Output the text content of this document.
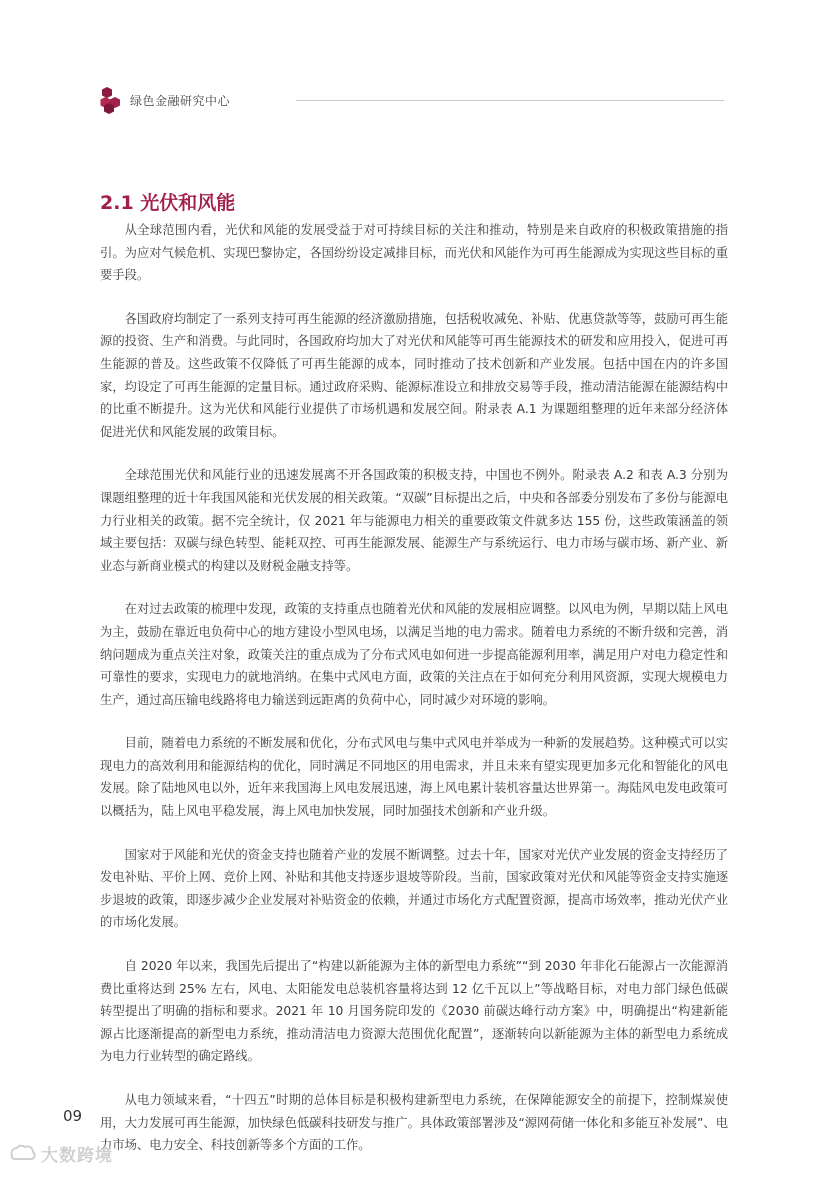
绿色金融研究中心
2.1 光伏和风能

从全球范围内看，光伏和风能的发展受益于对可持续目标的关注和推动，特别是来自政府的积极政策措施的指引。为应对气候危机、实现巴黎协定，各国纷纷设定减排目标，而光伏和风能作为可再生能源成为实现这些目标的重要手段。

各国政府均制定了一系列支持可再生能源的经济激励措施，包括税收减免、补贴、优惠贷款等等，鼓励可再生能源的投资、生产和消费。与此同时，各国政府均加大了对光伏和风能等可再生能源技术的研发和应用投入，促进可再生能源的普及。这些政策不仅降低了可再生能源的成本，同时推动了技术创新和产业发展。包括中国在内的许多国家，均设定了可再生能源的定量目标。通过政府采购、能源标准设立和排放交易等手段，推动清洁能源在能源结构中的比重不断提升。这为光伏和风能行业提供了市场机遇和发展空间。附录表 A.1 为课题组整理的近年来部分经济体促进光伏和风能发展的政策目标。

全球范围光伏和风能行业的迅速发展离不开各国政策的积极支持，中国也不例外。附录表 A.2 和表 A.3 分别为课题组整理的近十年我国风能和光伏发展的相关政策。“双碳”目标提出之后，中央和各部委分别发布了多份与能源电力行业相关的政策。据不完全统计，仅 2021 年与能源电力相关的重要政策文件就多达 155 份，这些政策涵盖的领域主要包括：双碳与绿色转型、能耗双控、可再生能源发展、能源生产与系统运行、电力市场与碳市场、新产业、新业态与新商业模式的构建以及财税金融支持等。

在对过去政策的梳理中发现，政策的支持重点也随着光伏和风能的发展相应调整。以风电为例，早期以陆上风电为主，鼓励在靠近电负荷中心的地方建设小型风电场，以满足当地的电力需求。随着电力系统的不断升级和完善，消纳问题成为重点关注对象，政策关注的重点成为了分布式风电如何进一步提高能源利用率，满足用户对电力稳定性和可靠性的要求，实现电力的就地消纳。在集中式风电方面，政策的关注点在于如何充分利用风资源，实现大规模电力生产，通过高压输电线路将电力输送到远距离的负荷中心，同时减少对环境的影响。

目前，随着电力系统的不断发展和优化，分布式风电与集中式风电并举成为一种新的发展趋势。这种模式可以实现电力的高效利用和能源结构的优化，同时满足不同地区的用电需求，并且未来有望实现更加多元化和智能化的风电发展。除了陆地风电以外，近年来我国海上风电发展迅速，海上风电累计装机容量达世界第一。海陆风电发电政策可以概括为，陆上风电平稳发展，海上风电加快发展，同时加强技术创新和产业升级。

国家对于风能和光伏的资金支持也随着产业的发展不断调整。过去十年，国家对光伏产业发展的资金支持经历了发电补贴、平价上网、竞价上网、补贴和其他支持逐步退坡等阶段。当前，国家政策对光伏和风能等资金支持实施逐步退坡的政策，即逐步减少企业发展对补贴资金的依赖，并通过市场化方式配置资源，提高市场效率，推动光伏产业的市场化发展。

自 2020 年以来，我国先后提出了“构建以新能源为主体的新型电力系统”“到 2030 年非化石能源占一次能源消费比重将达到 25% 左右，风电、太阳能发电总装机容量将达到 12 亿千瓦以上”等战略目标，对电力部门绿色低碳转型提出了明确的指标和要求。2021 年 10 月国务院印发的《2030 前碳达峰行动方案》中，明确提出“构建新能源占比逐渐提高的新型电力系统，推动清洁电力资源大范围优化配置”，逐渐转向以新能源为主体的新型电力系统成为电力行业转型的确定路线。

从电力领域来看，“十四五”时期的总体目标是积极构建新型电力系统，在保障能源安全的前提下，控制煤炭使用，大力发展可再生能源，加快绿色低碳科技研发与推广。具体政策部署涉及“源网荷储一体化和多能互补发展”、电力市场、电力安全、科技创新等多个方面的工作。

09
大数跨境
